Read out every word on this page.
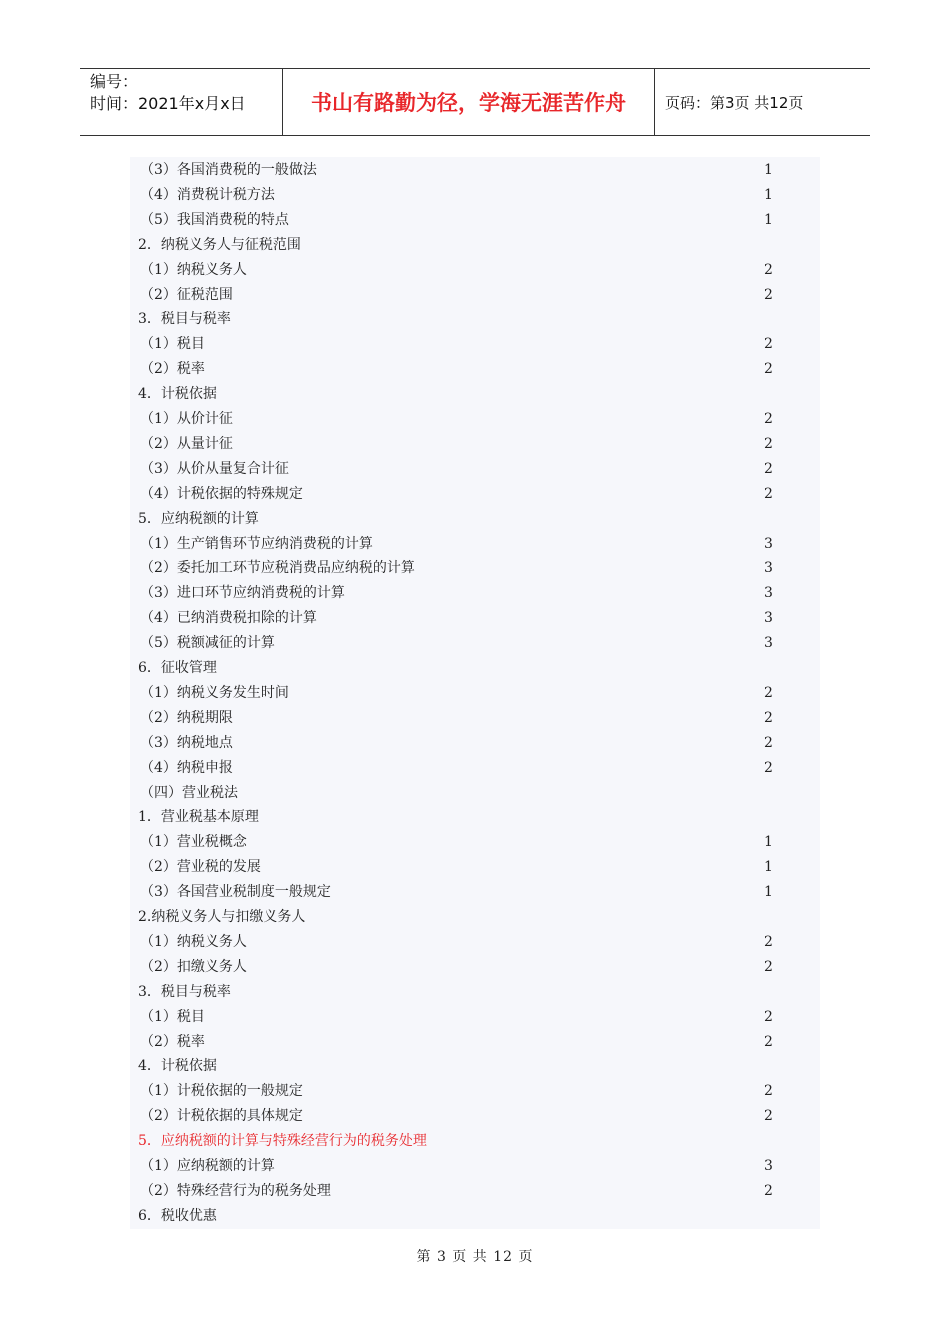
编号：
时间：2021年x月x日	书山有路勤为径，学海无涯苦作舟	页码：第3页 共12页
（3）各国消费税的一般做法	1
（4）消费税计税方法	1
（5）我国消费税的特点	1
2．纳税义务人与征税范围
（1）纳税义务人	2
（2）征税范围	2
3．税目与税率
（1）税目	2
（2）税率	2
4．计税依据
（1）从价计征	2
（2）从量计征	2
（3）从价从量复合计征	2
（4）计税依据的特殊规定	2
5．应纳税额的计算
（1）生产销售环节应纳消费税的计算	3
（2）委托加工环节应税消费品应纳税的计算	3
（3）进口环节应纳消费税的计算	3
（4）已纳消费税扣除的计算	3
（5）税额减征的计算	3
6．征收管理
（1）纳税义务发生时间	2
（2）纳税期限	2
（3）纳税地点	2
（4）纳税申报	2
（四）营业税法
1．营业税基本原理
（1）营业税概念	1
（2）营业税的发展	1
（3）各国营业税制度一般规定	1
2.纳税义务人与扣缴义务人
（1）纳税义务人	2
（2）扣缴义务人	2
3．税目与税率
（1）税目	2
（2）税率	2
4．计税依据
（1）计税依据的一般规定	2
（2）计税依据的具体规定	2
5．应纳税额的计算与特殊经营行为的税务处理
（1）应纳税额的计算	3
（2）特殊经营行为的税务处理	2
6．税收优惠
第 3 页 共 12 页
